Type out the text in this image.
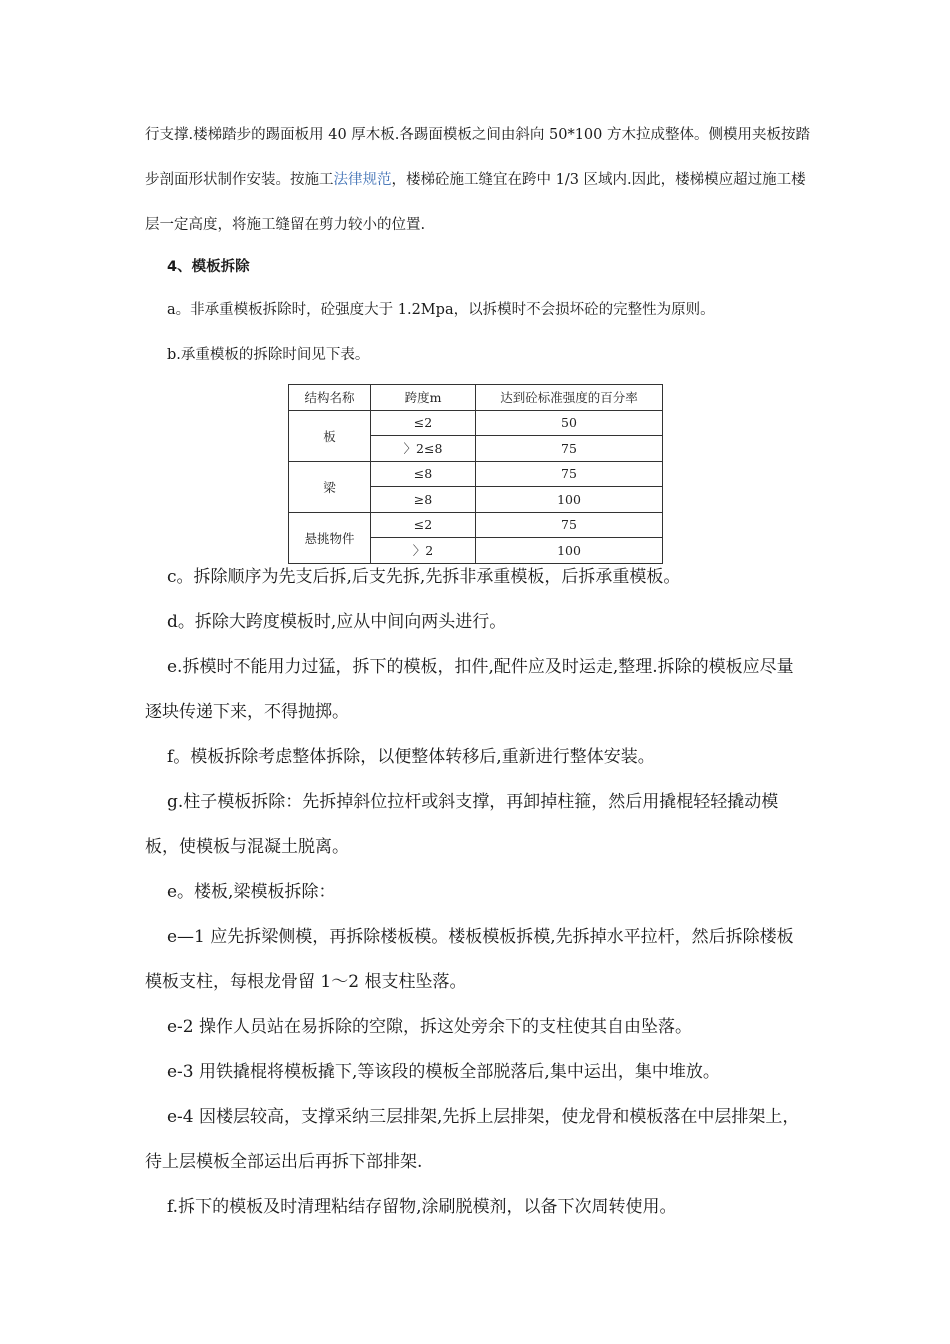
行支撑.楼梯踏步的踢面板用 40 厚木板.各踢面模板之间由斜向 50*100 方木拉成整体。侧模用夹板按踏步剖面形状制作安装。按施工法律规范，楼梯砼施工缝宜在跨中 1/3 区域内.因此，楼梯模应超过施工楼层一定高度，将施工缝留在剪力较小的位置.

4、模板拆除

a。非承重模板拆除时，砼强度大于 1.2Mpa，以拆模时不会损坏砼的完整性为原则。

b.承重模板的拆除时间见下表。

结构名称	跨度m	达到砼标准强度的百分率
板	≤2	50
	〉2≤8	75
梁	≤8	75
	≥8	100
悬挑物件	≤2	75
	〉2	100

c。拆除顺序为先支后拆,后支先拆,先拆非承重模板，后拆承重模板。

d。拆除大跨度模板时,应从中间向两头进行。

e.拆模时不能用力过猛，拆下的模板，扣件,配件应及时运走,整理.拆除的模板应尽量逐块传递下来，不得抛掷。

f。模板拆除考虑整体拆除，以便整体转移后,重新进行整体安装。

g.柱子模板拆除：先拆掉斜位拉杆或斜支撑，再卸掉柱箍，然后用撬棍轻轻撬动模板，使模板与混凝土脱离。

e。楼板,梁模板拆除：

e—1 应先拆梁侧模，再拆除楼板模。楼板模板拆模,先拆掉水平拉杆，然后拆除楼板模板支柱，每根龙骨留 1～2 根支柱坠落。

e-2 操作人员站在易拆除的空隙，拆这处旁余下的支柱使其自由坠落。

e-3 用铁撬棍将模板撬下,等该段的模板全部脱落后,集中运出，集中堆放。

e-4 因楼层较高，支撑采纳三层排架,先拆上层排架，使龙骨和模板落在中层排架上，待上层模板全部运出后再拆下部排架.

f.拆下的模板及时清理粘结存留物,涂刷脱模剂，以备下次周转使用。
